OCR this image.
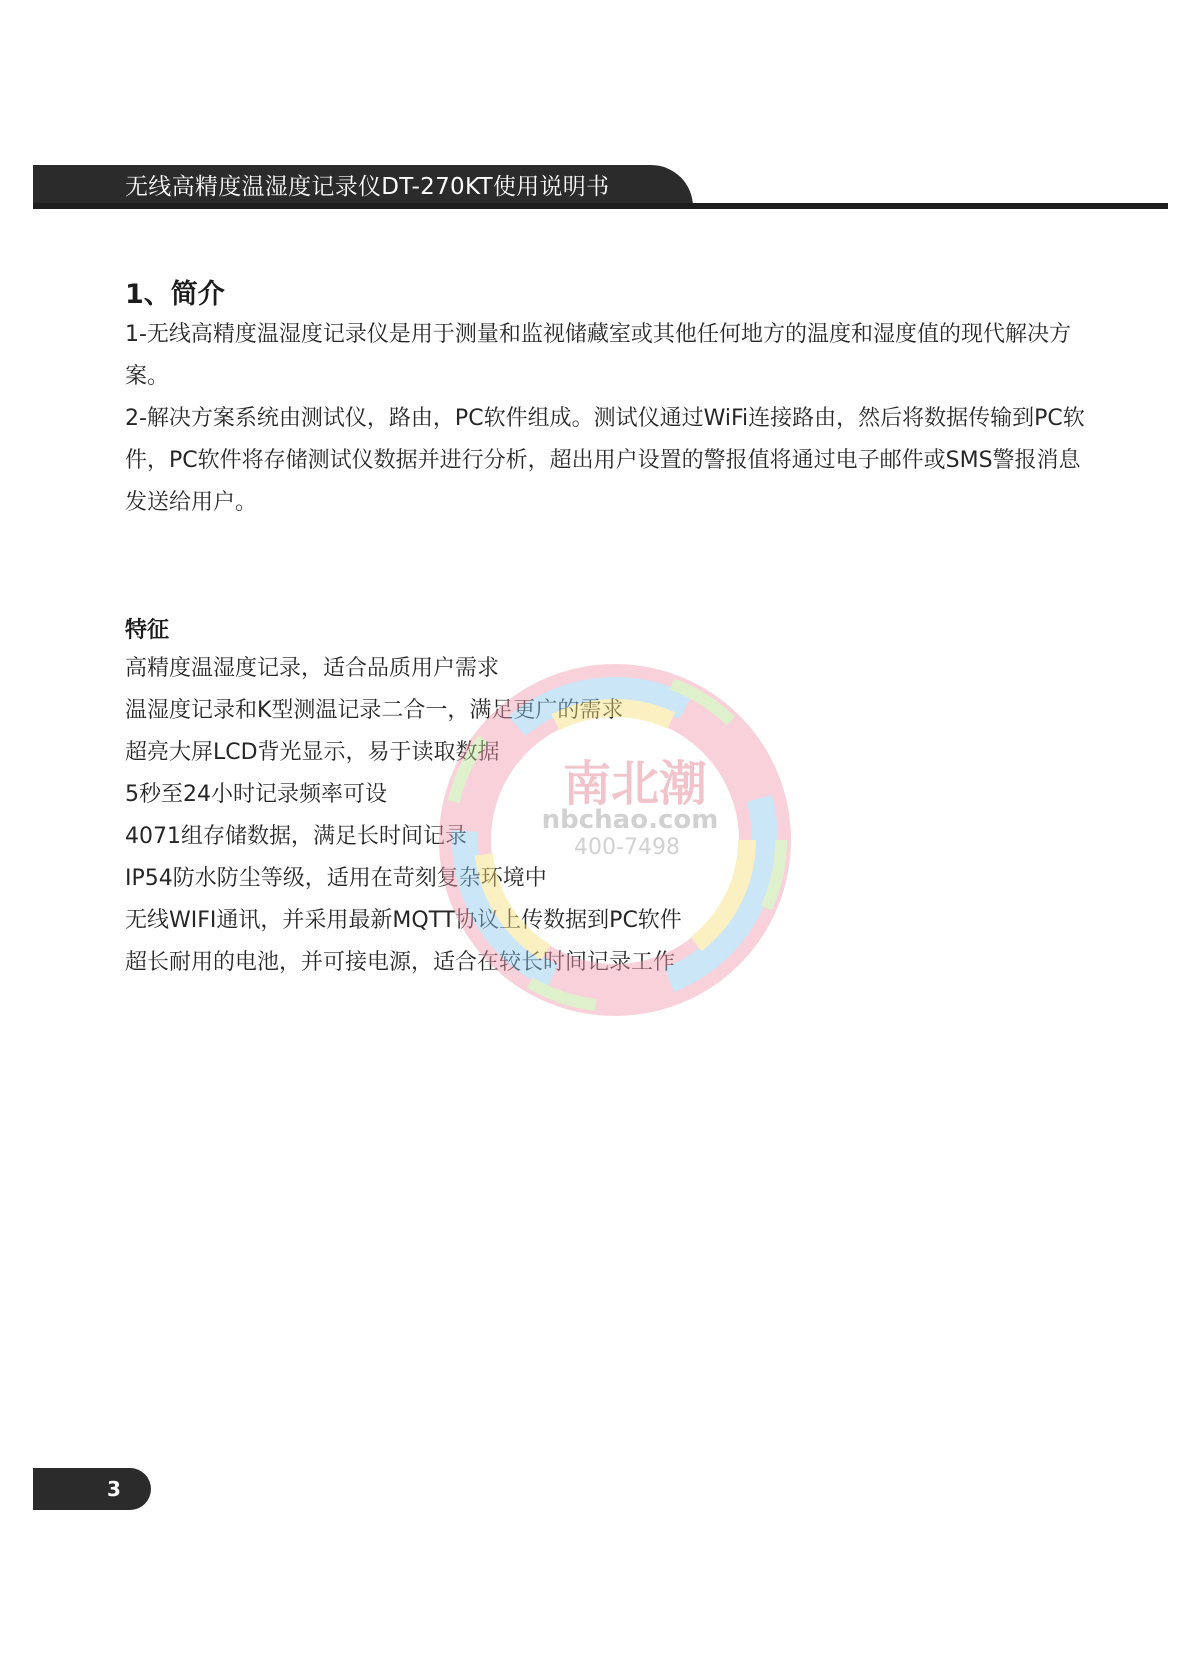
无线高精度温湿度记录仪DT-270KT使用说明书
1、简介

1-无线高精度温湿度记录仪是用于测量和监视储藏室或其他任何地方的温度和湿度值的现代解决方案。

2-解决方案系统由测试仪，路由，PC软件组成。测试仪通过WiFi连接路由，然后将数据传输到PC软件，PC软件将存储测试仪数据并进行分析，超出用户设置的警报值将通过电子邮件或SMS警报消息发送给用户。

特征
高精度温湿度记录，适合品质用户需求
温湿度记录和K型测温记录二合一，满足更广的需求
超亮大屏LCD背光显示，易于读取数据
5秒至24小时记录频率可设
4071组存储数据，满足长时间记录
IP54防水防尘等级，适用在苛刻复杂环境中
无线WIFI通讯，并采用最新MQTT协议上传数据到PC软件
超长耐用的电池，并可接电源，适合在较长时间记录工作
南北潮
nbchao.com
400-7498
3
